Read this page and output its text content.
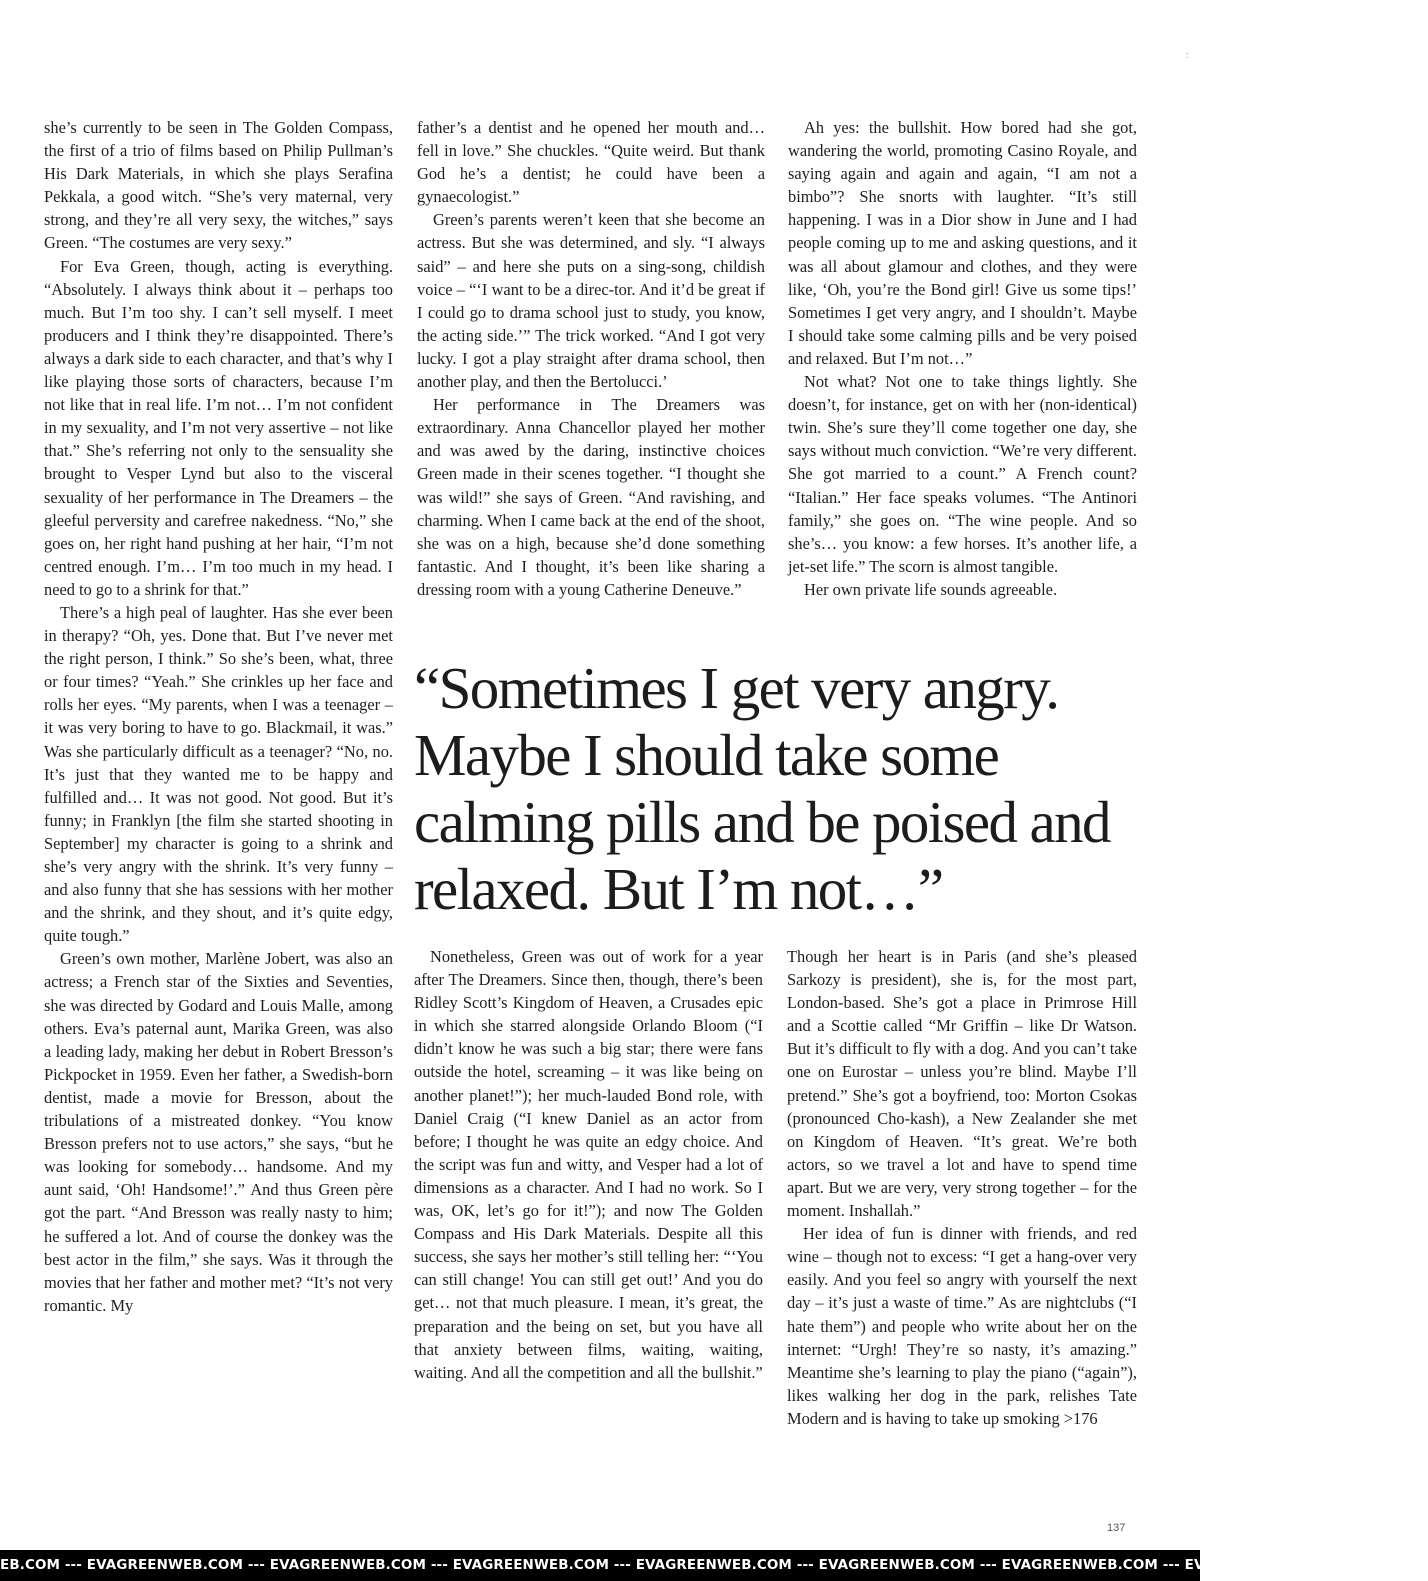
:

she’s currently to be seen in The Golden Compass, the first of a trio of films based on Philip Pullman’s His Dark Materials, in which she plays Serafina Pekkala, a good witch. “She’s very maternal, very strong, and they’re all very sexy, the witches,” says Green. “The costumes are very sexy.”

For Eva Green, though, acting is everything. “Absolutely. I always think about it – perhaps too much. But I’m too shy. I can’t sell myself. I meet producers and I think they’re disappointed. There’s always a dark side to each character, and that’s why I like playing those sorts of characters, because I’m not like that in real life. I’m not… I’m not confident in my sexuality, and I’m not very assertive – not like that.” She’s referring not only to the sensuality she brought to Vesper Lynd but also to the visceral sexuality of her performance in The Dreamers – the gleeful perversity and carefree nakedness. “No,” she goes on, her right hand pushing at her hair, “I’m not centred enough. I’m… I’m too much in my head. I need to go to a shrink for that.”

There’s a high peal of laughter. Has she ever been in therapy? “Oh, yes. Done that. But I’ve never met the right person, I think.” So she’s been, what, three or four times? “Yeah.” She crinkles up her face and rolls her eyes. “My parents, when I was a teenager – it was very boring to have to go. Blackmail, it was.” Was she particularly difficult as a teenager? “No, no. It’s just that they wanted me to be happy and fulfilled and… It was not good. Not good. But it’s funny; in Franklyn [the film she started shooting in September] my character is going to a shrink and she’s very angry with the shrink. It’s very funny – and also funny that she has sessions with her mother and the shrink, and they shout, and it’s quite edgy, quite tough.”

Green’s own mother, Marlène Jobert, was also an actress; a French star of the Sixties and Seventies, she was directed by Godard and Louis Malle, among others. Eva’s paternal aunt, Marika Green, was also a leading lady, making her debut in Robert Bresson’s Pickpocket in 1959. Even her father, a Swedish-born dentist, made a movie for Bresson, about the tribulations of a mistreated donkey. “You know Bresson prefers not to use actors,” she says, “but he was looking for somebody… handsome. And my aunt said, ‘Oh! Handsome!’.” And thus Green père got the part. “And Bresson was really nasty to him; he suffered a lot. And of course the donkey was the best actor in the film,” she says. Was it through the movies that her father and mother met? “It’s not very romantic. My

father’s a dentist and he opened her mouth and… fell in love.” She chuckles. “Quite weird. But thank God he’s a dentist; he could have been a gynaecologist.”

Green’s parents weren’t keen that she become an actress. But she was determined, and sly. “I always said” – and here she puts on a sing-song, childish voice – “‘I want to be a direc-tor. And it’d be great if I could go to drama school just to study, you know, the acting side.’” The trick worked. “And I got very lucky. I got a play straight after drama school, then another play, and then the Bertolucci.’

Her performance in The Dreamers was extraordinary. Anna Chancellor played her mother and was awed by the daring, instinctive choices Green made in their scenes together. “I thought she was wild!” she says of Green. “And ravishing, and charming. When I came back at the end of the shoot, she was on a high, because she’d done something fantastic. And I thought, it’s been like sharing a dressing room with a young Catherine Deneuve.”

Ah yes: the bullshit. How bored had she got, wandering the world, promoting Casino Royale, and saying again and again and again, “I am not a bimbo”? She snorts with laughter. “It’s still happening. I was in a Dior show in June and I had people coming up to me and asking questions, and it was all about glamour and clothes, and they were like, ‘Oh, you’re the Bond girl! Give us some tips!’ Sometimes I get very angry, and I shouldn’t. Maybe I should take some calming pills and be very poised and relaxed. But I’m not…”

Not what? Not one to take things lightly. She doesn’t, for instance, get on with her (non-identical) twin. She’s sure they’ll come together one day, she says without much conviction. “We’re very different. She got married to a count.” A French count? “Italian.” Her face speaks volumes. “The Antinori family,” she goes on. “The wine people. And so she’s… you know: a few horses. It’s another life, a jet-set life.” The scorn is almost tangible.

Her own private life sounds agreeable.

“Sometimes I get very angry. Maybe I should take some calming pills and be poised and relaxed. But I’m not…”

Nonetheless, Green was out of work for a year after The Dreamers. Since then, though, there’s been Ridley Scott’s Kingdom of Heaven, a Crusades epic in which she starred alongside Orlando Bloom (“I didn’t know he was such a big star; there were fans outside the hotel, screaming – it was like being on another planet!”); her much-lauded Bond role, with Daniel Craig (“I knew Daniel as an actor from before; I thought he was quite an edgy choice. And the script was fun and witty, and Vesper had a lot of dimensions as a character. And I had no work. So I was, OK, let’s go for it!”); and now The Golden Compass and His Dark Materials. Despite all this success, she says her mother’s still telling her: “‘You can still change! You can still get out!’ And you do get… not that much pleasure. I mean, it’s great, the preparation and the being on set, but you have all that anxiety between films, waiting, waiting, waiting. And all the competition and all the bullshit.”

Though her heart is in Paris (and she’s pleased Sarkozy is president), she is, for the most part, London-based. She’s got a place in Primrose Hill and a Scottie called “Mr Griffin – like Dr Watson. But it’s difficult to fly with a dog. And you can’t take one on Eurostar – unless you’re blind. Maybe I’ll pretend.” She’s got a boyfriend, too: Morton Csokas (pronounced Cho-kash), a New Zealander she met on Kingdom of Heaven. “It’s great. We’re both actors, so we travel a lot and have to spend time apart. But we are very, very strong together – for the moment. Inshallah.”

Her idea of fun is dinner with friends, and red wine – though not to excess: “I get a hang-over very easily. And you feel so angry with yourself the next day – it’s just a waste of time.” As are nightclubs (“I hate them”) and people who write about her on the internet: “Urgh! They’re so nasty, it’s amazing.” Meantime she’s learning to play the piano (“again”), likes walking her dog in the park, relishes Tate Modern and is having to take up smoking >176

137
EB.COM --- EVAGREENWEB.COM --- EVAGREENWEB.COM --- EVAGREENWEB.COM --- EVAGREENWEB.COM --- EVAGREENWEB.COM --- EVAGREENWEB.COM --- EVAGREENWEB.COM --- EVAGRE
